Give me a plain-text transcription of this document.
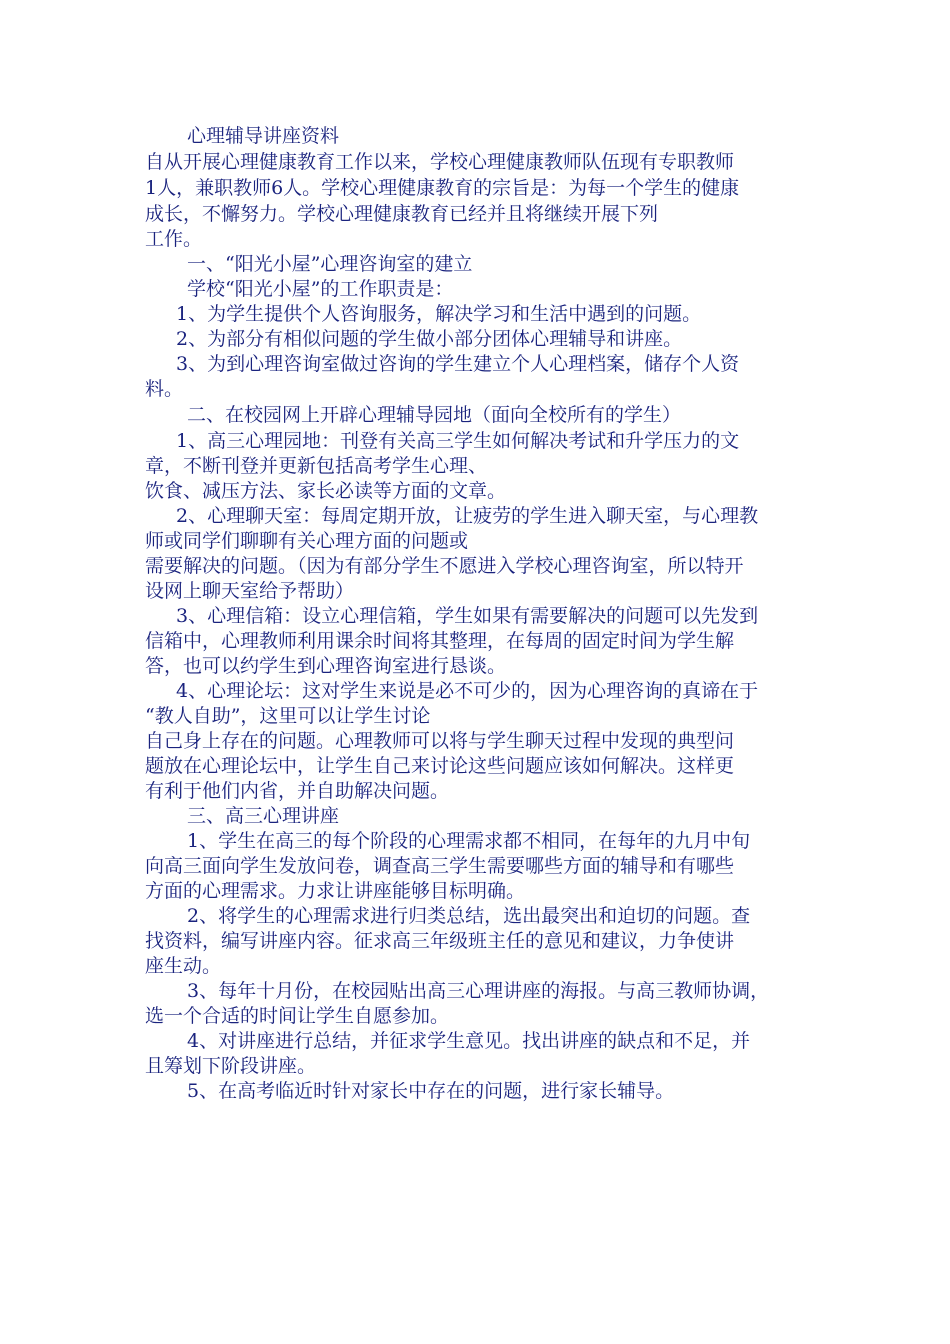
心理辅导讲座资料
自从开展心理健康教育工作以来，学校心理健康教师队伍现有专职教师
1人，兼职教师6人。学校心理健康教育的宗旨是：为每一个学生的健康
成长，不懈努力。学校心理健康教育已经并且将继续开展下列
工作。
一、“阳光小屋”心理咨询室的建立
学校“阳光小屋”的工作职责是：
1、为学生提供个人咨询服务，解决学习和生活中遇到的问题。
2、为部分有相似问题的学生做小部分团体心理辅导和讲座。
3、为到心理咨询室做过咨询的学生建立个人心理档案，储存个人资
料。
二、在校园网上开辟心理辅导园地（面向全校所有的学生）
1、高三心理园地：刊登有关高三学生如何解决考试和升学压力的文
章，不断刊登并更新包括高考学生心理、
饮食、减压方法、家长必读等方面的文章。
2、心理聊天室：每周定期开放，让疲劳的学生进入聊天室，与心理教
师或同学们聊聊有关心理方面的问题或
需要解决的问题。（因为有部分学生不愿进入学校心理咨询室，所以特开
设网上聊天室给予帮助）
3、心理信箱：设立心理信箱，学生如果有需要解决的问题可以先发到
信箱中，心理教师利用课余时间将其整理，在每周的固定时间为学生解
答，也可以约学生到心理咨询室进行恳谈。
4、心理论坛：这对学生来说是必不可少的，因为心理咨询的真谛在于
“教人自助”，这里可以让学生讨论
自己身上存在的问题。心理教师可以将与学生聊天过程中发现的典型问
题放在心理论坛中，让学生自己来讨论这些问题应该如何解决。这样更
有利于他们内省，并自助解决问题。
三、高三心理讲座
1、学生在高三的每个阶段的心理需求都不相同，在每年的九月中旬
向高三面向学生发放问卷，调查高三学生需要哪些方面的辅导和有哪些
方面的心理需求。力求让讲座能够目标明确。
2、将学生的心理需求进行归类总结，选出最突出和迫切的问题。查
找资料，编写讲座内容。征求高三年级班主任的意见和建议，力争使讲
座生动。
3、每年十月份，在校园贴出高三心理讲座的海报。与高三教师协调，
选一个合适的时间让学生自愿参加。
4、对讲座进行总结，并征求学生意见。找出讲座的缺点和不足，并
且筹划下阶段讲座。
5、在高考临近时针对家长中存在的问题，进行家长辅导。
